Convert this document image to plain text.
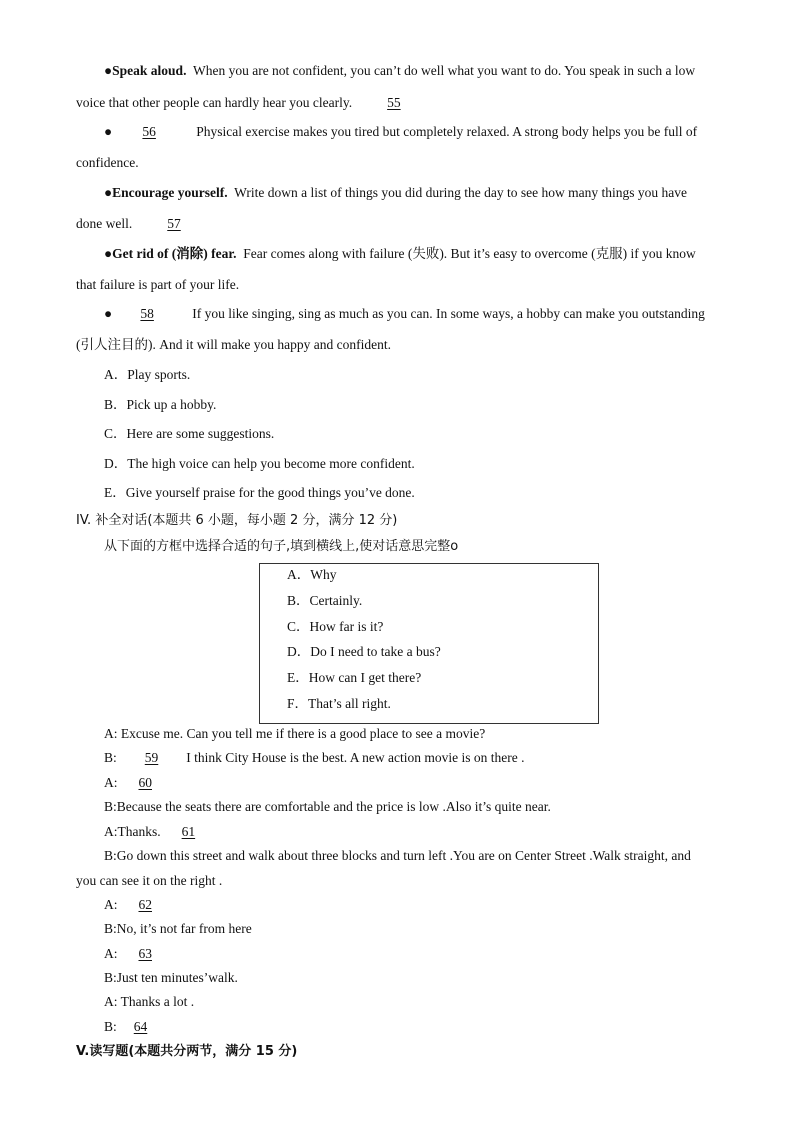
●Speak aloud. When you are not confident, you can’t do well what you want to do. You speak in such a low
voice that other people can hardly hear you clearly.	55
● 56	Physical exercise makes you tired but completely relaxed. A strong body helps you be full of
confidence.
●Encourage yourself. Write down a list of things you did during the day to see how many things you have
done well.	57
●Get rid of (消除) fear. Fear comes along with failure (失败). But it’s easy to overcome (克服) if you know
that failure is part of your life.
● 58	If you like singing, sing as much as you can. In some ways, a hobby can make you outstanding
(引人注目的). And it will make you happy and confident.
A．Play sports.
B．Pick up a hobby.
C．Here are some suggestions.
D．The high voice can help you become more confident.
E．Give yourself praise for the good things you’ve done.
IV. 补全对话(本题共 6 小题，每小题 2 分，满分 12 分)
从下面的方框中选择合适的句子,填到横线上,使对话意思完整o
A．Why
B．Certainly.
C．How far is it?
D．Do I need to take a bus?
E．How can I get there?
F．That’s all right.
A: Excuse me. Can you tell me if there is a good place to see a movie?
B: 59 I think City House is the best. A new action movie is on there .
A: 60
B:Because the seats there are comfortable and the price is low .Also it’s quite near.
A:Thanks. 61
B:Go down this street and walk about three blocks and turn left .You are on Center Street .Walk straight, and
you can see it on the right .
A: 62
B:No, it’s not far from here
A: 63
B:Just ten minutes’walk.
A: Thanks a lot .
B: 64
V.读写题(本题共分两节，满分 15 分)
